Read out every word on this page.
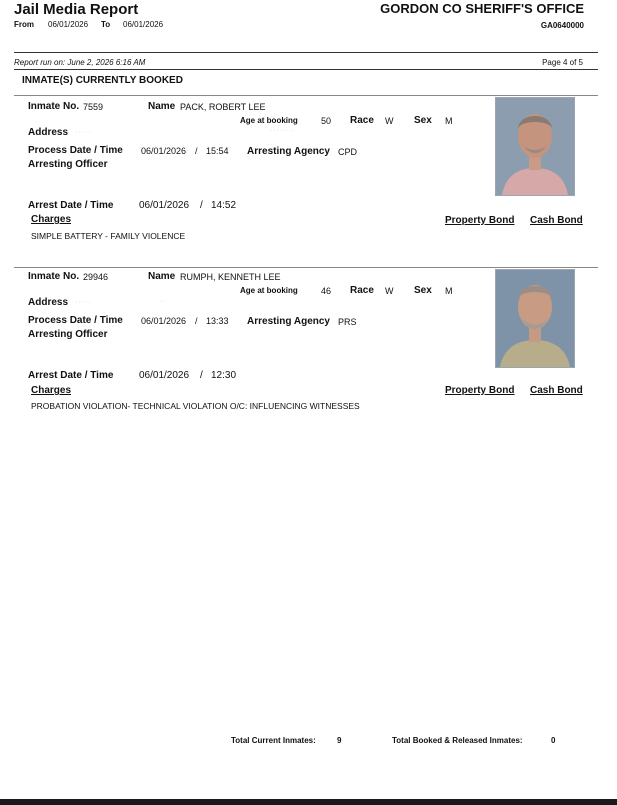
Jail Media Report	GORDON CO SHERIFF'S OFFICE
From 06/01/2026 To 06/01/2026	GA0640000
Report run on: June 2, 2026 6:16 AM	Page 4 of 5
INMATE(S) CURRENTLY BOOKED
Inmate No. 7559	Name PACK, ROBERT LEE
Age at booking	50 Race W Sex M
Address ·····	·······
Process Date / Time 06/01/2026 / 15:54 Arresting Agency CPD
Arresting Officer
Arrest Date / Time	06/01/2026 / 14:52
Charges	Property Bond Cash Bond
SIMPLE BATTERY - FAMILY VIOLENCE
Inmate No. 29946	Name RUMPH, KENNETH LEE
Age at booking	46 Race W Sex M
Address ·····	··
Process Date / Time 06/01/2026 / 13:33 Arresting Agency PRS
Arresting Officer
Arrest Date / Time	06/01/2026 / 12:30
Charges	Property Bond Cash Bond
PROBATION VIOLATION- TECHNICAL VIOLATION O/C: INFLUENCING WITNESSES
Total Current Inmates:	9	Total Booked & Released Inmates:	0
